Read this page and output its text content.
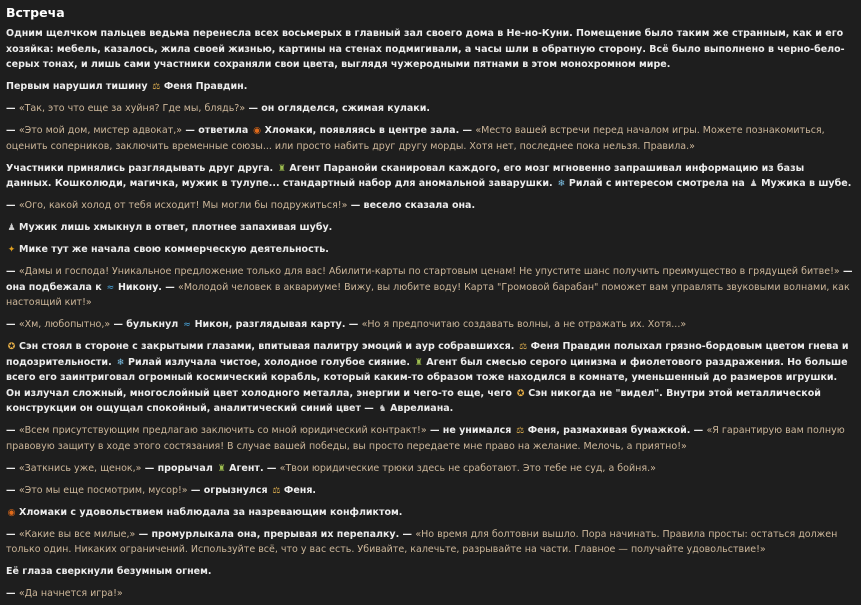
Встреча
Одним щелчком пальцев ведьма перенесла всех восьмерых в главный зал своего дома в Не-но-Куни. Помещение было таким же странным, как и его хозяйка: мебель, казалось, жила своей жизнью, картины на стенах подмигивали, а часы шли в обратную сторону. Всё было выполнено в черно-бело-серых тонах, и лишь сами участники сохраняли свои цвета, выглядя чужеродными пятнами в этом монохромном мире.
Первым нарушил тишину ⚖ Феня Правдин.
— «Так, это что еще за хуйня? Где мы, блядь?» — он огляделся, сжимая кулаки.
— «Это мой дом, мистер адвокат,» — ответила ◉ Хломаки, появляясь в центре зала. — «Место вашей встречи перед началом игры. Можете познакомиться, оценить соперников, заключить временные союзы... или просто набить друг другу морды. Хотя нет, последнее пока нельзя. Правила.»
Участники принялись разглядывать друг друга. ♜ Агент Паранойи сканировал каждого, его мозг мгновенно запрашивал информацию из базы данных. Кошколюди, магичка, мужик в тулупе... стандартный набор для аномальной заварушки. ❄ Рилай с интересом смотрела на ♟ Мужика в шубе.
— «Ого, какой холод от тебя исходит! Мы могли бы подружиться!» — весело сказала она.
♟ Мужик лишь хмыкнул в ответ, плотнее запахивая шубу.
✦ Мике тут же начала свою коммерческую деятельность.
— «Дамы и господа! Уникальное предложение только для вас! Абилити-карты по стартовым ценам! Не упустите шанс получить преимущество в грядущей битве!» — она подбежала к ≈ Никону. — «Молодой человек в аквариуме! Вижу, вы любите воду! Карта "Громовой барабан" поможет вам управлять звуковыми волнами, как настоящий кит!»
— «Хм, любопытно,» — булькнул ≈ Никон, разглядывая карту. — «Но я предпочитаю создавать волны, а не отражать их. Хотя...»
✪ Сэн стоял в стороне с закрытыми глазами, впитывая палитру эмоций и аур собравшихся. ⚖ Феня Правдин полыхал грязно-бордовым цветом гнева и подозрительности. ❄ Рилай излучала чистое, холодное голубое сияние. ♜ Агент был смесью серого цинизма и фиолетового раздражения. Но больше всего его заинтриговал огромный космический корабль, который каким-то образом тоже находился в комнате, уменьшенный до размеров игрушки. Он излучал сложный, многослойный цвет холодного металла, энергии и чего-то еще, чего ✪ Сэн никогда не "видел". Внутри этой металлической конструкции он ощущал спокойный, аналитический синий цвет — ♞ Аврелиана.
— «Всем присутствующим предлагаю заключить со мной юридический контракт!» — не унимался ⚖ Феня, размахивая бумажкой. — «Я гарантирую вам полную правовую защиту в ходе этого состязания! В случае вашей победы, вы просто передаете мне право на желание. Мелочь, а приятно!»
— «Заткнись уже, щенок,» — прорычал ♜ Агент. — «Твои юридические трюки здесь не сработают. Это тебе не суд, а бойня.»
— «Это мы еще посмотрим, мусор!» — огрызнулся ⚖ Феня.
◉ Хломаки с удовольствием наблюдала за назревающим конфликтом.
— «Какие вы все милые,» — промурлыкала она, прерывая их перепалку. — «Но время для болтовни вышло. Пора начинать. Правила просты: остаться должен только один. Никаких ограничений. Используйте всё, что у вас есть. Убивайте, калечьте, разрывайте на части. Главное — получайте удовольствие!»
Её глаза сверкнули безумным огнем.
— «Да начнется игра!»
